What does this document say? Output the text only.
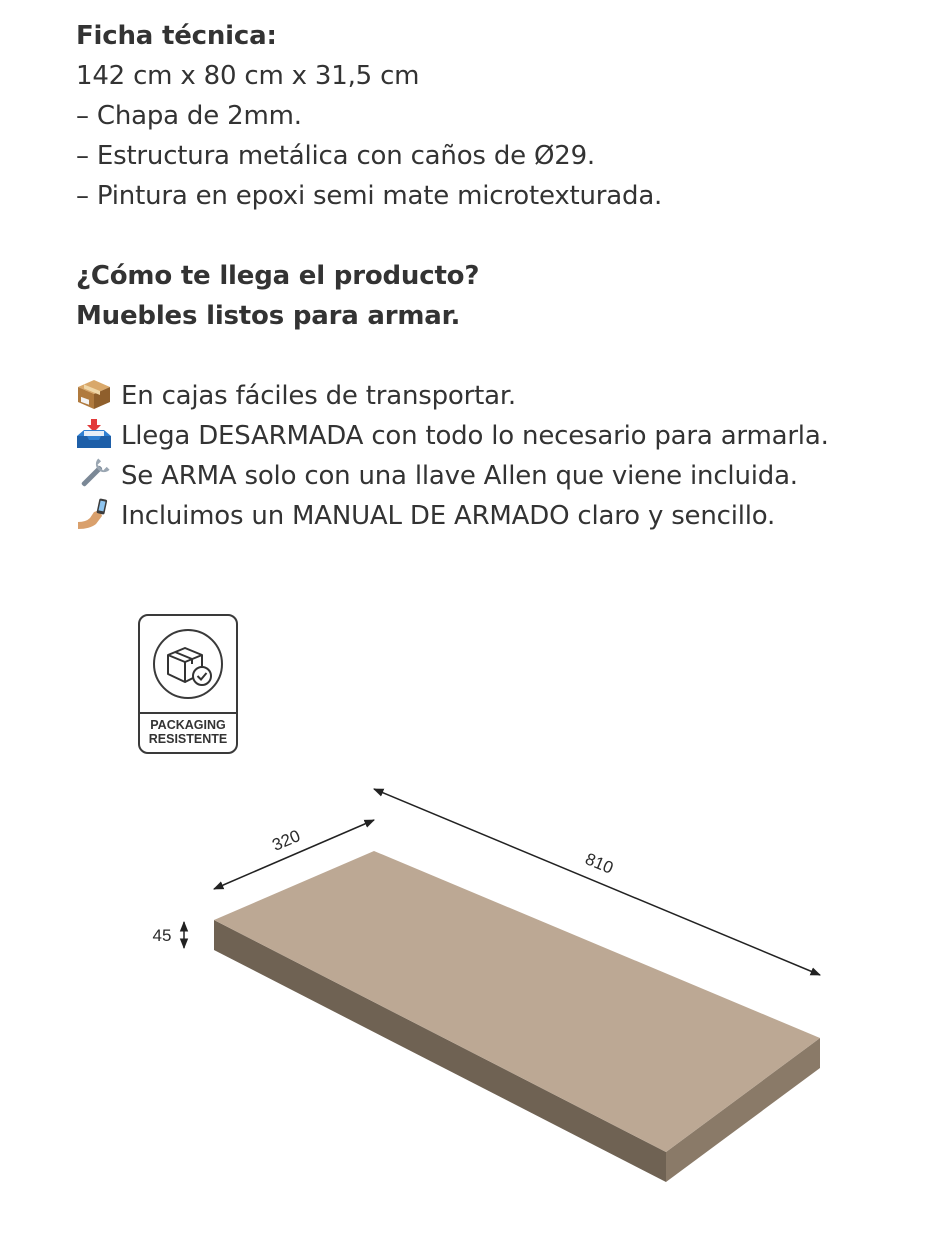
Ficha técnica:
142 cm x 80 cm x 31,5 cm
– Chapa de 2mm.
– Estructura metálica con caños de Ø29.
– Pintura en epoxi semi mate microtexturada.
¿Cómo te llega el producto?
Muebles listos para armar.
En cajas fáciles de transportar.
Llega DESARMADA con todo lo necesario para armarla.
Se ARMA solo con una llave Allen que viene incluida.
Incluimos un MANUAL DE ARMADO claro y sencillo.
PACKAGING
RESISTENTE
320
810
45
